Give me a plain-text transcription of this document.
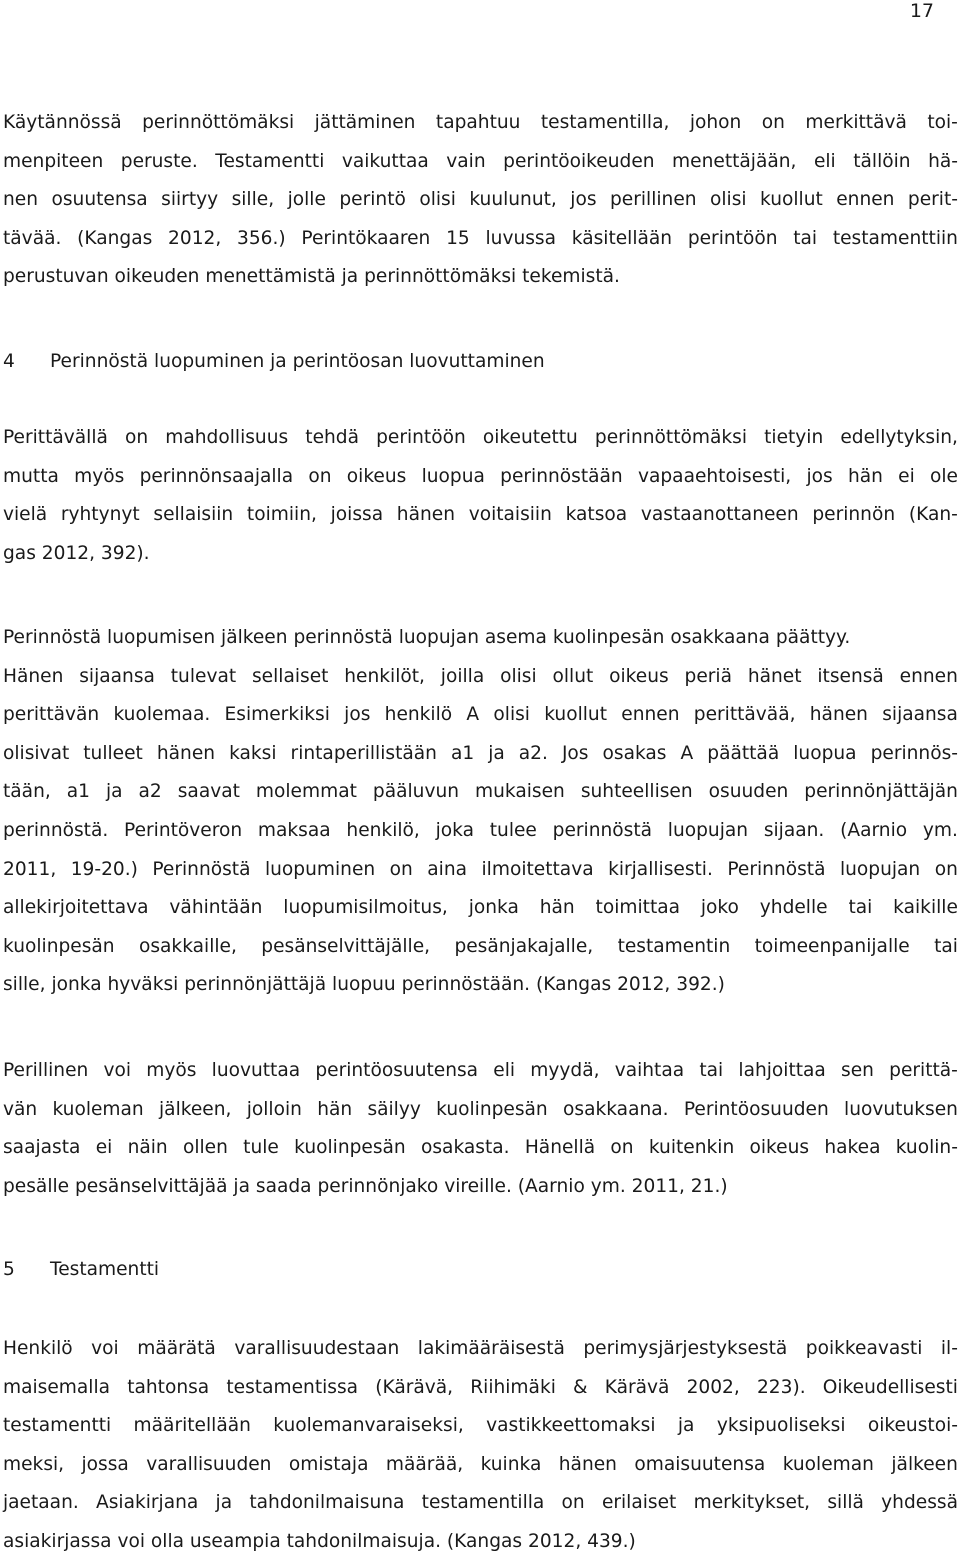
17
Käytännössä perinnöttömäksi jättäminen tapahtuu testamentilla, johon on merkittävä toi-
menpiteen peruste. Testamentti vaikuttaa vain perintöoikeuden menettäjään, eli tällöin hä-
nen osuutensa siirtyy sille, jolle perintö olisi kuulunut, jos perillinen olisi kuollut ennen perit-
tävää. (Kangas 2012, 356.) Perintökaaren 15 luvussa käsitellään perintöön tai testamenttiin
perustuvan oikeuden menettämistä ja perinnöttömäksi tekemistä.
4 Perinnöstä luopuminen ja perintöosan luovuttaminen
Perittävällä on mahdollisuus tehdä perintöön oikeutettu perinnöttömäksi tietyin edellytyksin,
mutta myös perinnönsaajalla on oikeus luopua perinnöstään vapaaehtoisesti, jos hän ei ole
vielä ryhtynyt sellaisiin toimiin, joissa hänen voitaisiin katsoa vastaanottaneen perinnön (Kan-
gas 2012, 392).
Perinnöstä luopumisen jälkeen perinnöstä luopujan asema kuolinpesän osakkaana päättyy.
Hänen sijaansa tulevat sellaiset henkilöt, joilla olisi ollut oikeus periä hänet itsensä ennen
perittävän kuolemaa. Esimerkiksi jos henkilö A olisi kuollut ennen perittävää, hänen sijaansa
olisivat tulleet hänen kaksi rintaperillistään a1 ja a2. Jos osakas A päättää luopua perinnös-
tään, a1 ja a2 saavat molemmat pääluvun mukaisen suhteellisen osuuden perinnönjättäjän
perinnöstä. Perintöveron maksaa henkilö, joka tulee perinnöstä luopujan sijaan. (Aarnio ym.
2011, 19-20.) Perinnöstä luopuminen on aina ilmoitettava kirjallisesti. Perinnöstä luopujan on
allekirjoitettava vähintään luopumisilmoitus, jonka hän toimittaa joko yhdelle tai kaikille
kuolinpesän osakkaille, pesänselvittäjälle, pesänjakajalle, testamentin toimeenpanijalle tai
sille, jonka hyväksi perinnönjättäjä luopuu perinnöstään. (Kangas 2012, 392.)
Perillinen voi myös luovuttaa perintöosuutensa eli myydä, vaihtaa tai lahjoittaa sen perittä-
vän kuoleman jälkeen, jolloin hän säilyy kuolinpesän osakkaana. Perintöosuuden luovutuksen
saajasta ei näin ollen tule kuolinpesän osakasta. Hänellä on kuitenkin oikeus hakea kuolin-
pesälle pesänselvittäjää ja saada perinnönjako vireille. (Aarnio ym. 2011, 21.)
5 Testamentti
Henkilö voi määrätä varallisuudestaan lakimääräisestä perimysjärjestyksestä poikkeavasti il-
maisemalla tahtonsa testamentissa (Kärävä, Riihimäki & Kärävä 2002, 223). Oikeudellisesti
testamentti määritellään kuolemanvaraiseksi, vastikkeettomaksi ja yksipuoliseksi oikeustoi-
meksi, jossa varallisuuden omistaja määrää, kuinka hänen omaisuutensa kuoleman jälkeen
jaetaan. Asiakirjana ja tahdonilmaisuna testamentilla on erilaiset merkitykset, sillä yhdessä
asiakirjassa voi olla useampia tahdonilmaisuja. (Kangas 2012, 439.)
